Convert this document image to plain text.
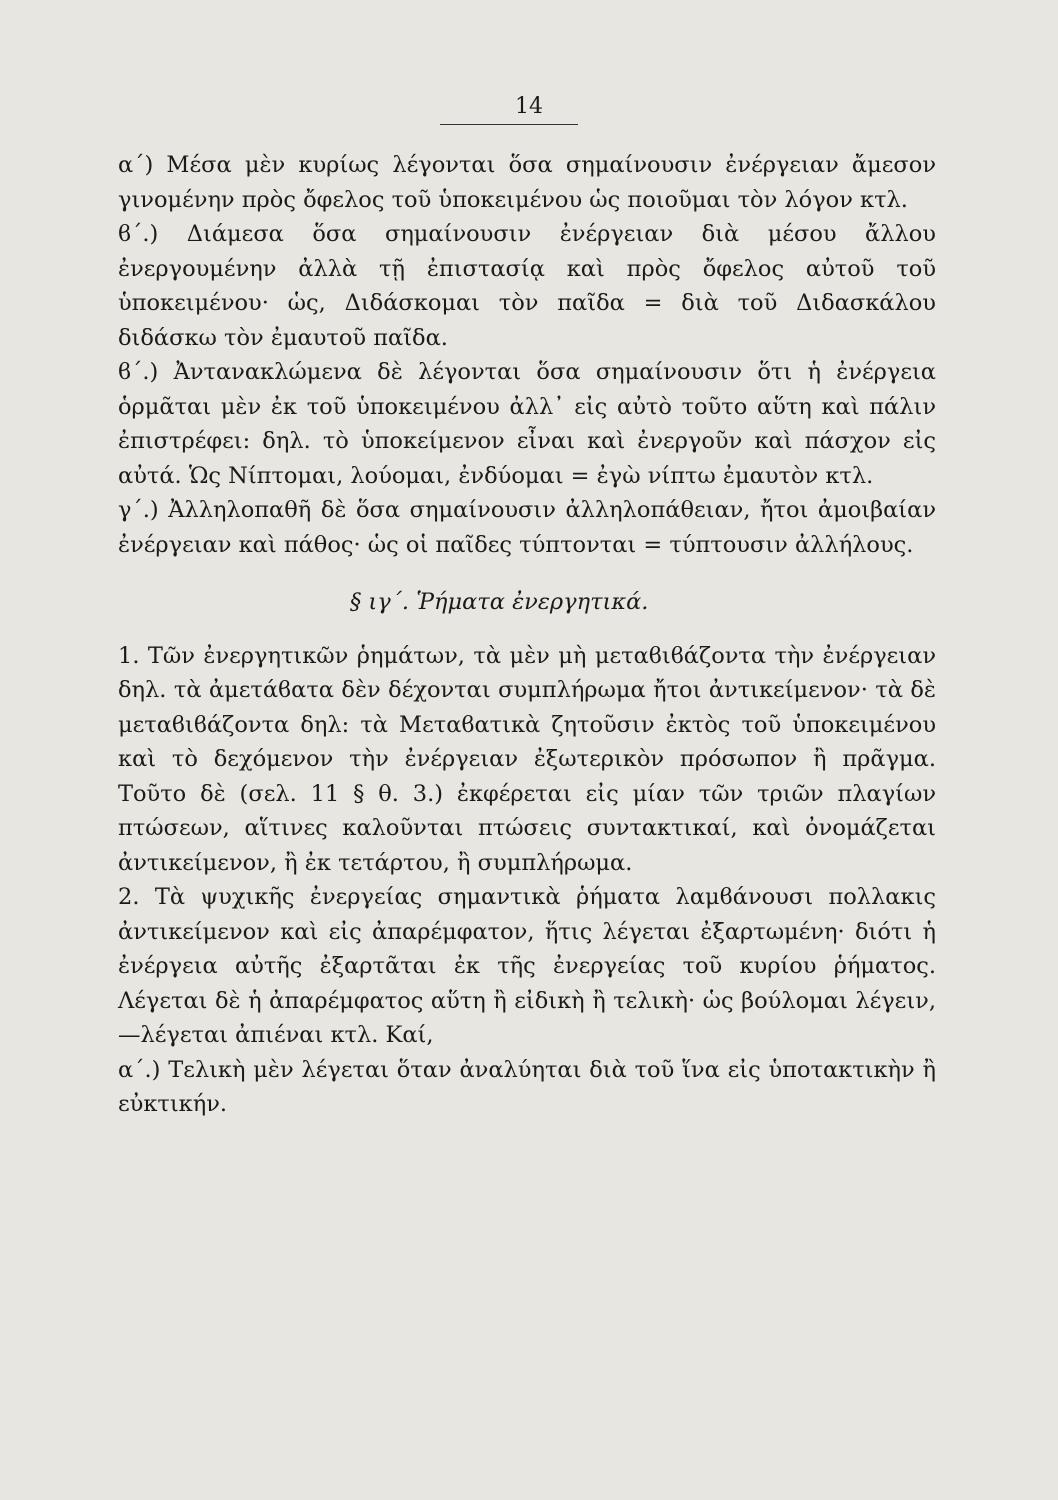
14

α΄) Μέσα μὲν κυρίως λέγονται ὅσα σημαίνουσιν ἐνέργειαν ἄμεσον γινομένην πρὸς ὄφελος τοῦ ὑποκειμένου ὡς ποιοῦμαι τὸν λόγον κτλ.

ϐ΄.) Διάμεσα ὅσα σημαίνουσιν ἐνέργειαν διὰ μέσου ἄλλου ἐνεργουμένην ἀλλὰ τῇ ἐπιστασίᾳ καὶ πρὸς ὄφελος αὐτοῦ τοῦ ὑποκειμένου· ὡς, Διδάσκομαι τὸν παῖδα = διὰ τοῦ Διδασκάλου διδάσκω τὸν ἐμαυτοῦ παῖδα.

ϐ΄.) Ἀντανακλώμενα δὲ λέγονται ὅσα σημαίνουσιν ὅτι ἡ ἐνέργεια ὁρμᾶται μὲν ἐκ τοῦ ὑποκειμένου ἀλλ᾽ εἰς αὐτὸ τοῦτο αὕτη καὶ πάλιν ἐπιστρέφει: δηλ. τὸ ὑποκείμενον εἶναι καὶ ἐνεργοῦν καὶ πάσχον εἰς αὐτά. Ὡς Νίπτομαι, λούομαι, ἐνδύομαι = ἐγὼ νίπτω ἐμαυτὸν κτλ.

γ΄.) Ἀλληλοπαθῆ δὲ ὅσα σημαίνουσιν ἀλληλοπάθειαν, ἤτοι ἀμοιβαίαν ἐνέργειαν καὶ πάθος· ὡς οἱ παῖδες τύπτονται = τύπτουσιν ἀλλήλους.

§ ιγ΄. Ῥήματα ἐνεργητικά.

1. Τῶν ἐνεργητικῶν ῥημάτων, τὰ μὲν μὴ μεταϐιϐάζοντα τὴν ἐνέργειαν δηλ. τὰ ἀμετάϐατα δὲν δέχονται συμπλήρωμα ἤτοι ἀντικείμενον· τὰ δὲ μεταϐιϐάζοντα δηλ: τὰ Μεταϐατικὰ ζητοῦσιν ἐκτὸς τοῦ ὑποκειμένου καὶ τὸ δεχόμενον τὴν ἐνέργειαν ἐξωτερικὸν πρόσωπον ἢ πρᾶγμα. Τοῦτο δὲ (σελ. 11 § θ. 3.) ἐκφέρεται εἰς μίαν τῶν τριῶν πλαγίων πτώσεων, αἵτινες καλοῦνται πτώσεις συντακτικαί, καὶ ὀνομάζεται ἀντικείμενον, ἢ ἐκ τετάρτου, ἢ συμπλήρωμα.

2. Τὰ ψυχικῆς ἐνεργείας σημαντικὰ ῥήματα λαμϐάνουσι πολλακις ἀντικείμενον καὶ εἰς ἀπαρέμφατον, ἥτις λέγεται ἐξαρτωμένη· διότι ἡ ἐνέργεια αὐτῆς ἐξαρτᾶται ἐκ τῆς ἐνεργείας τοῦ κυρίου ῥήματος. Λέγεται δὲ ἡ ἀπαρέμφατος αὕτη ἢ εἰδικὴ ἢ τελικὴ· ὡς βούλομαι λέγειν,—λέγεται ἀπιέναι κτλ. Καί,

α΄.) Τελικὴ μὲν λέγεται ὅταν ἀναλύηται διὰ τοῦ ἵνα εἰς ὑποτακτικὴν ἢ εὐκτικήν.
